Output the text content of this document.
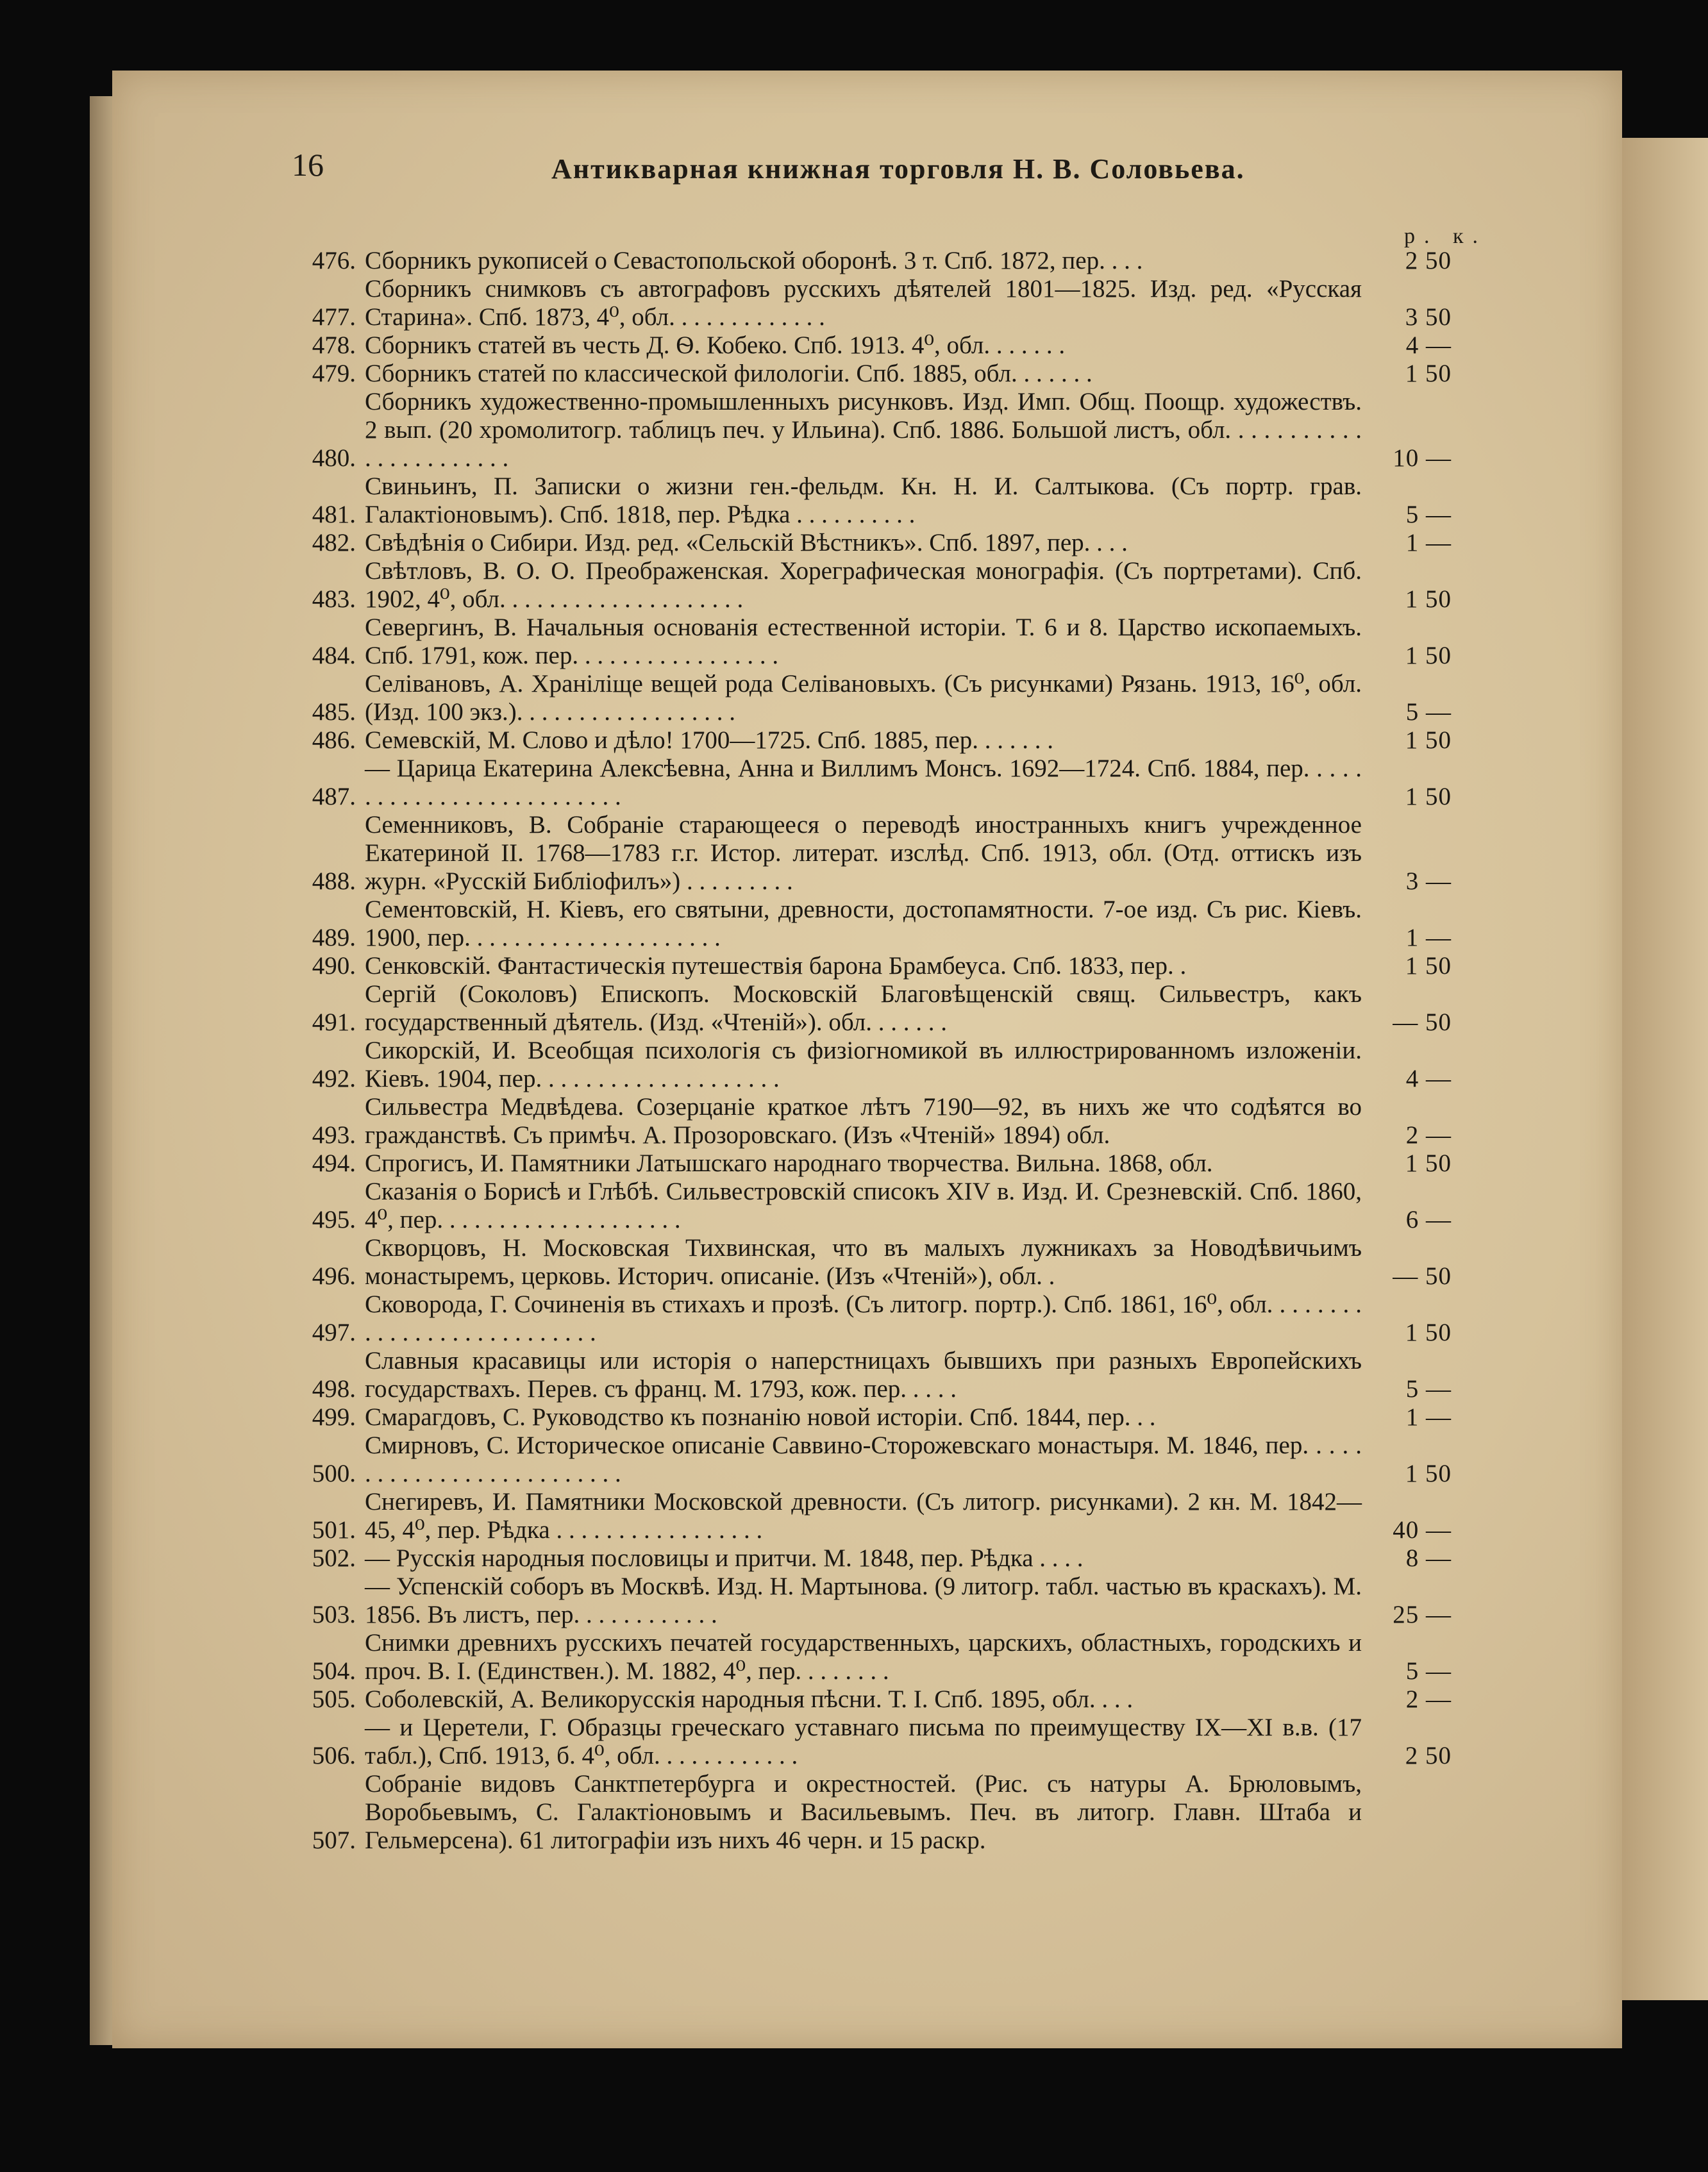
16	Антикварная книжная торговля Н. В. Соловьева.
р. к.
476. Сборникъ рукописей о Севастопольской оборонѣ. 3 т. Спб. 1872, пер. . . .	2 50
477.
Сборникъ снимковъ съ автографовъ русскихъ дѣятелей 1801—1825. Изд. ред. «Русская Старина». Спб. 1873, 4⁰, обл. . . . . . . . . . . . .	3 50
478. Сборникъ статей въ честь Д. Ѳ. Кобеко. Спб. 1913. 4⁰, обл. . . . . . .	4 —
479. Сборникъ статей по классической филологіи. Спб. 1885, обл. . . . . . .	1 50
480.
Сборникъ художественно-промышленныхъ рисунковъ. Изд. Имп. Общ. Поощр. художествъ. 2 вып. (20 хромолитогр. таблицъ печ. у Ильина). Спб. 1886. Большой листъ, обл. . . . . . . . . . . . . . . . . . . . . . .	10 —
481.
Свиньинъ, П. Записки о жизни ген.-фельдм. Кн. Н. И. Салтыкова. (Съ портр. грав. Галактіоновымъ). Спб. 1818, пер. Рѣдка . . . . . . . . . .	5 —
482. Свѣдѣнія о Сибири. Изд. ред. «Сельскій Вѣстникъ». Спб. 1897, пер. . . .	1 —
483.
Свѣтловъ, В. О. О. Преображенская. Хореграфическая монографія. (Съ портретами). Спб. 1902, 4⁰, обл. . . . . . . . . . . . . . . . . . . .	1 50
484.
Севергинъ, В. Начальныя основанія естественной исторіи. Т. 6 и 8. Царство ископаемыхъ. Спб. 1791, кож. пер. . . . . . . . . . . . . . . . .	1 50
485.
Селівановъ, А. Храніліще вещей рода Селівановыхъ. (Съ рисунками) Рязань. 1913, 16⁰, обл. (Изд. 100 экз.). . . . . . . . . . . . . . . . . .	5 —
486. Семевскій, М. Слово и дѣло! 1700—1725. Спб. 1885, пер. . . . . . .	1 50
487.
— Царица Екатерина Алексѣевна, Анна и Виллимъ Монсъ. 1692—1724. Спб. 1884, пер. . . . . . . . . . . . . . . . . . . . . . . . . .	1 50
488.
Семенниковъ, В. Собраніе старающееся о переводѣ иностранныхъ книгъ учрежденное Екатериной II. 1768—1783 г.г. Истор. литерат. изслѣд. Спб. 1913, обл. (Отд. оттискъ изъ журн. «Русскій Библіофилъ») . . . . . . . . .	3 —
489.
Сементовскій, Н. Кіевъ, его святыни, древности, достопамятности. 7-ое изд. Съ рис. Кіевъ. 1900, пер. . . . . . . . . . . . . . . . . . . . .	1 —
490. Сенковскій. Фантастическія путешествія барона Брамбеуса. Спб. 1833, пер. .	1 50
491.
Сергій (Соколовъ) Епископъ. Московскій Благовѣщенскій свящ. Сильвестръ, какъ государственный дѣятель. (Изд. «Чтеній»). обл. . . . . . .	— 50
492.
Сикорскій, И. Всеобщая психологія съ физіогномикой въ иллюстрированномъ изложеніи. Кіевъ. 1904, пер. . . . . . . . . . . . . . . . . . . .	4 —
493.
Сильвестра Медвѣдева. Созерцаніе краткое лѣтъ 7190—92, въ нихъ же что содѣятся во гражданствѣ. Съ примѣч. А. Прозоровскаго. (Изъ «Чтеній» 1894) обл.	2 —
494. Спрогисъ, И. Памятники Латышскаго народнаго творчества. Вильна. 1868, обл.	1 50
495.
Сказанія о Борисѣ и Глѣбѣ. Сильвестровскій списокъ XIV в. Изд. И. Срезневскій. Спб. 1860, 4⁰, пер. . . . . . . . . . . . . . . . . . . .	6 —
496.
Скворцовъ, Н. Московская Тихвинская, что въ малыхъ лужникахъ за Новодѣвичьимъ монастыремъ, церковь. Историч. описаніе. (Изъ «Чтеній»), обл. .	— 50
497.
Сковорода, Г. Сочиненія въ стихахъ и прозѣ. (Съ литогр. портр.). Спб. 1861, 16⁰, обл. . . . . . . . . . . . . . . . . . . . . . . . . . .	1 50
498.
Славныя красавицы или исторія о наперстницахъ бывшихъ при разныхъ Европейскихъ государствахъ. Перев. съ франц. М. 1793, кож. пер. . . . .	5 —
499. Смарагдовъ, С. Руководство къ познанію новой исторіи. Спб. 1844, пер. . .	1 —
500.
Смирновъ, С. Историческое описаніе Саввино-Сторожевскаго монастыря. М. 1846, пер. . . . . . . . . . . . . . . . . . . . . . . . . .	1 50
501.
Снегиревъ, И. Памятники Московской древности. (Съ литогр. рисунками). 2 кн. М. 1842—45, 4⁰, пер. Рѣдка . . . . . . . . . . . . . . . . .	40 —
502. — Русскія народныя пословицы и притчи. М. 1848, пер. Рѣдка . . . .	8 —
503.
— Успенскій соборъ въ Москвѣ. Изд. Н. Мартынова. (9 литогр. табл. частью въ краскахъ). М. 1856. Въ листъ, пер. . . . . . . . . . . .	25 —
504.
Снимки древнихъ русскихъ печатей государственныхъ, царскихъ, областныхъ, городскихъ и проч. В. I. (Единствен.). М. 1882, 4⁰, пер. . . . . . . .	5 —
505. Соболевскій, А. Великорусскія народныя пѣсни. Т. I. Спб. 1895, обл. . . .	2 —
506.
— и Церетели, Г. Образцы греческаго уставнаго письма по преимуществу IX—XI в.в. (17 табл.), Спб. 1913, б. 4⁰, обл. . . . . . . . . . . .	2 50
507.
Собраніе видовъ Санктпетербурга и окрестностей. (Рис. съ натуры А. Брюловымъ, Воробьевымъ, С. Галактіоновымъ и Васильевымъ. Печ. въ литогр. Главн. Штаба и Гельмерсена). 61 литографіи изъ нихъ 46 черн. и 15 раскр.
